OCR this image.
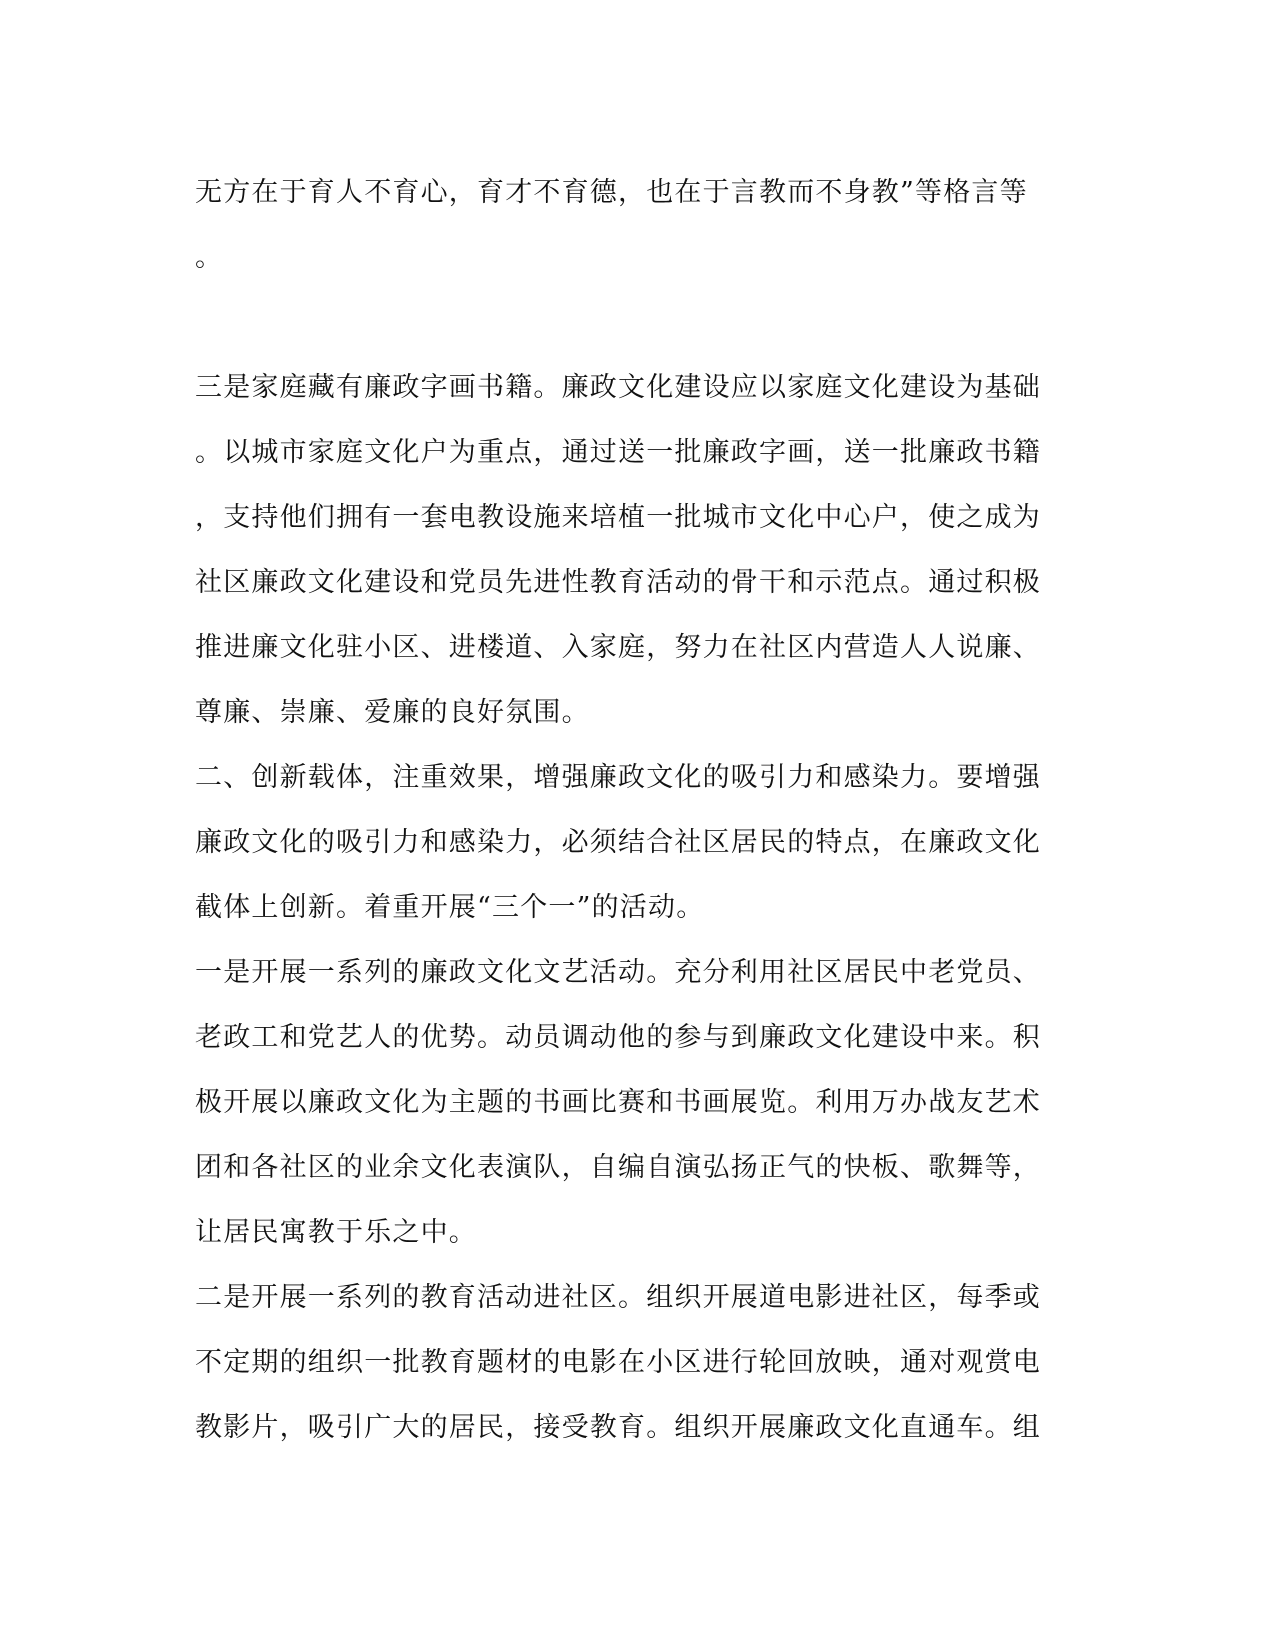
无方在于育人不育心，育才不育德，也在于言教而不身教”等格言等
。
三是家庭藏有廉政字画书籍。廉政文化建设应以家庭文化建设为基础
。以城市家庭文化户为重点，通过送一批廉政字画，送一批廉政书籍
，支持他们拥有一套电教设施来培植一批城市文化中心户，使之成为
社区廉政文化建设和党员先进性教育活动的骨干和示范点。通过积极
推进廉文化驻小区、进楼道、入家庭，努力在社区内营造人人说廉、
尊廉、崇廉、爱廉的良好氛围。
二、创新载体，注重效果，增强廉政文化的吸引力和感染力。要增强
廉政文化的吸引力和感染力，必须结合社区居民的特点，在廉政文化
截体上创新。着重开展“三个一”的活动。
一是开展一系列的廉政文化文艺活动。充分利用社区居民中老党员、
老政工和党艺人的优势。动员调动他的参与到廉政文化建设中来。积
极开展以廉政文化为主题的书画比赛和书画展览。利用万办战友艺术
团和各社区的业余文化表演队，自编自演弘扬正气的快板、歌舞等，
让居民寓教于乐之中。
二是开展一系列的教育活动进社区。组织开展道电影进社区，每季或
不定期的组织一批教育题材的电影在小区进行轮回放映，通对观赏电
教影片，吸引广大的居民，接受教育。组织开展廉政文化直通车。组
